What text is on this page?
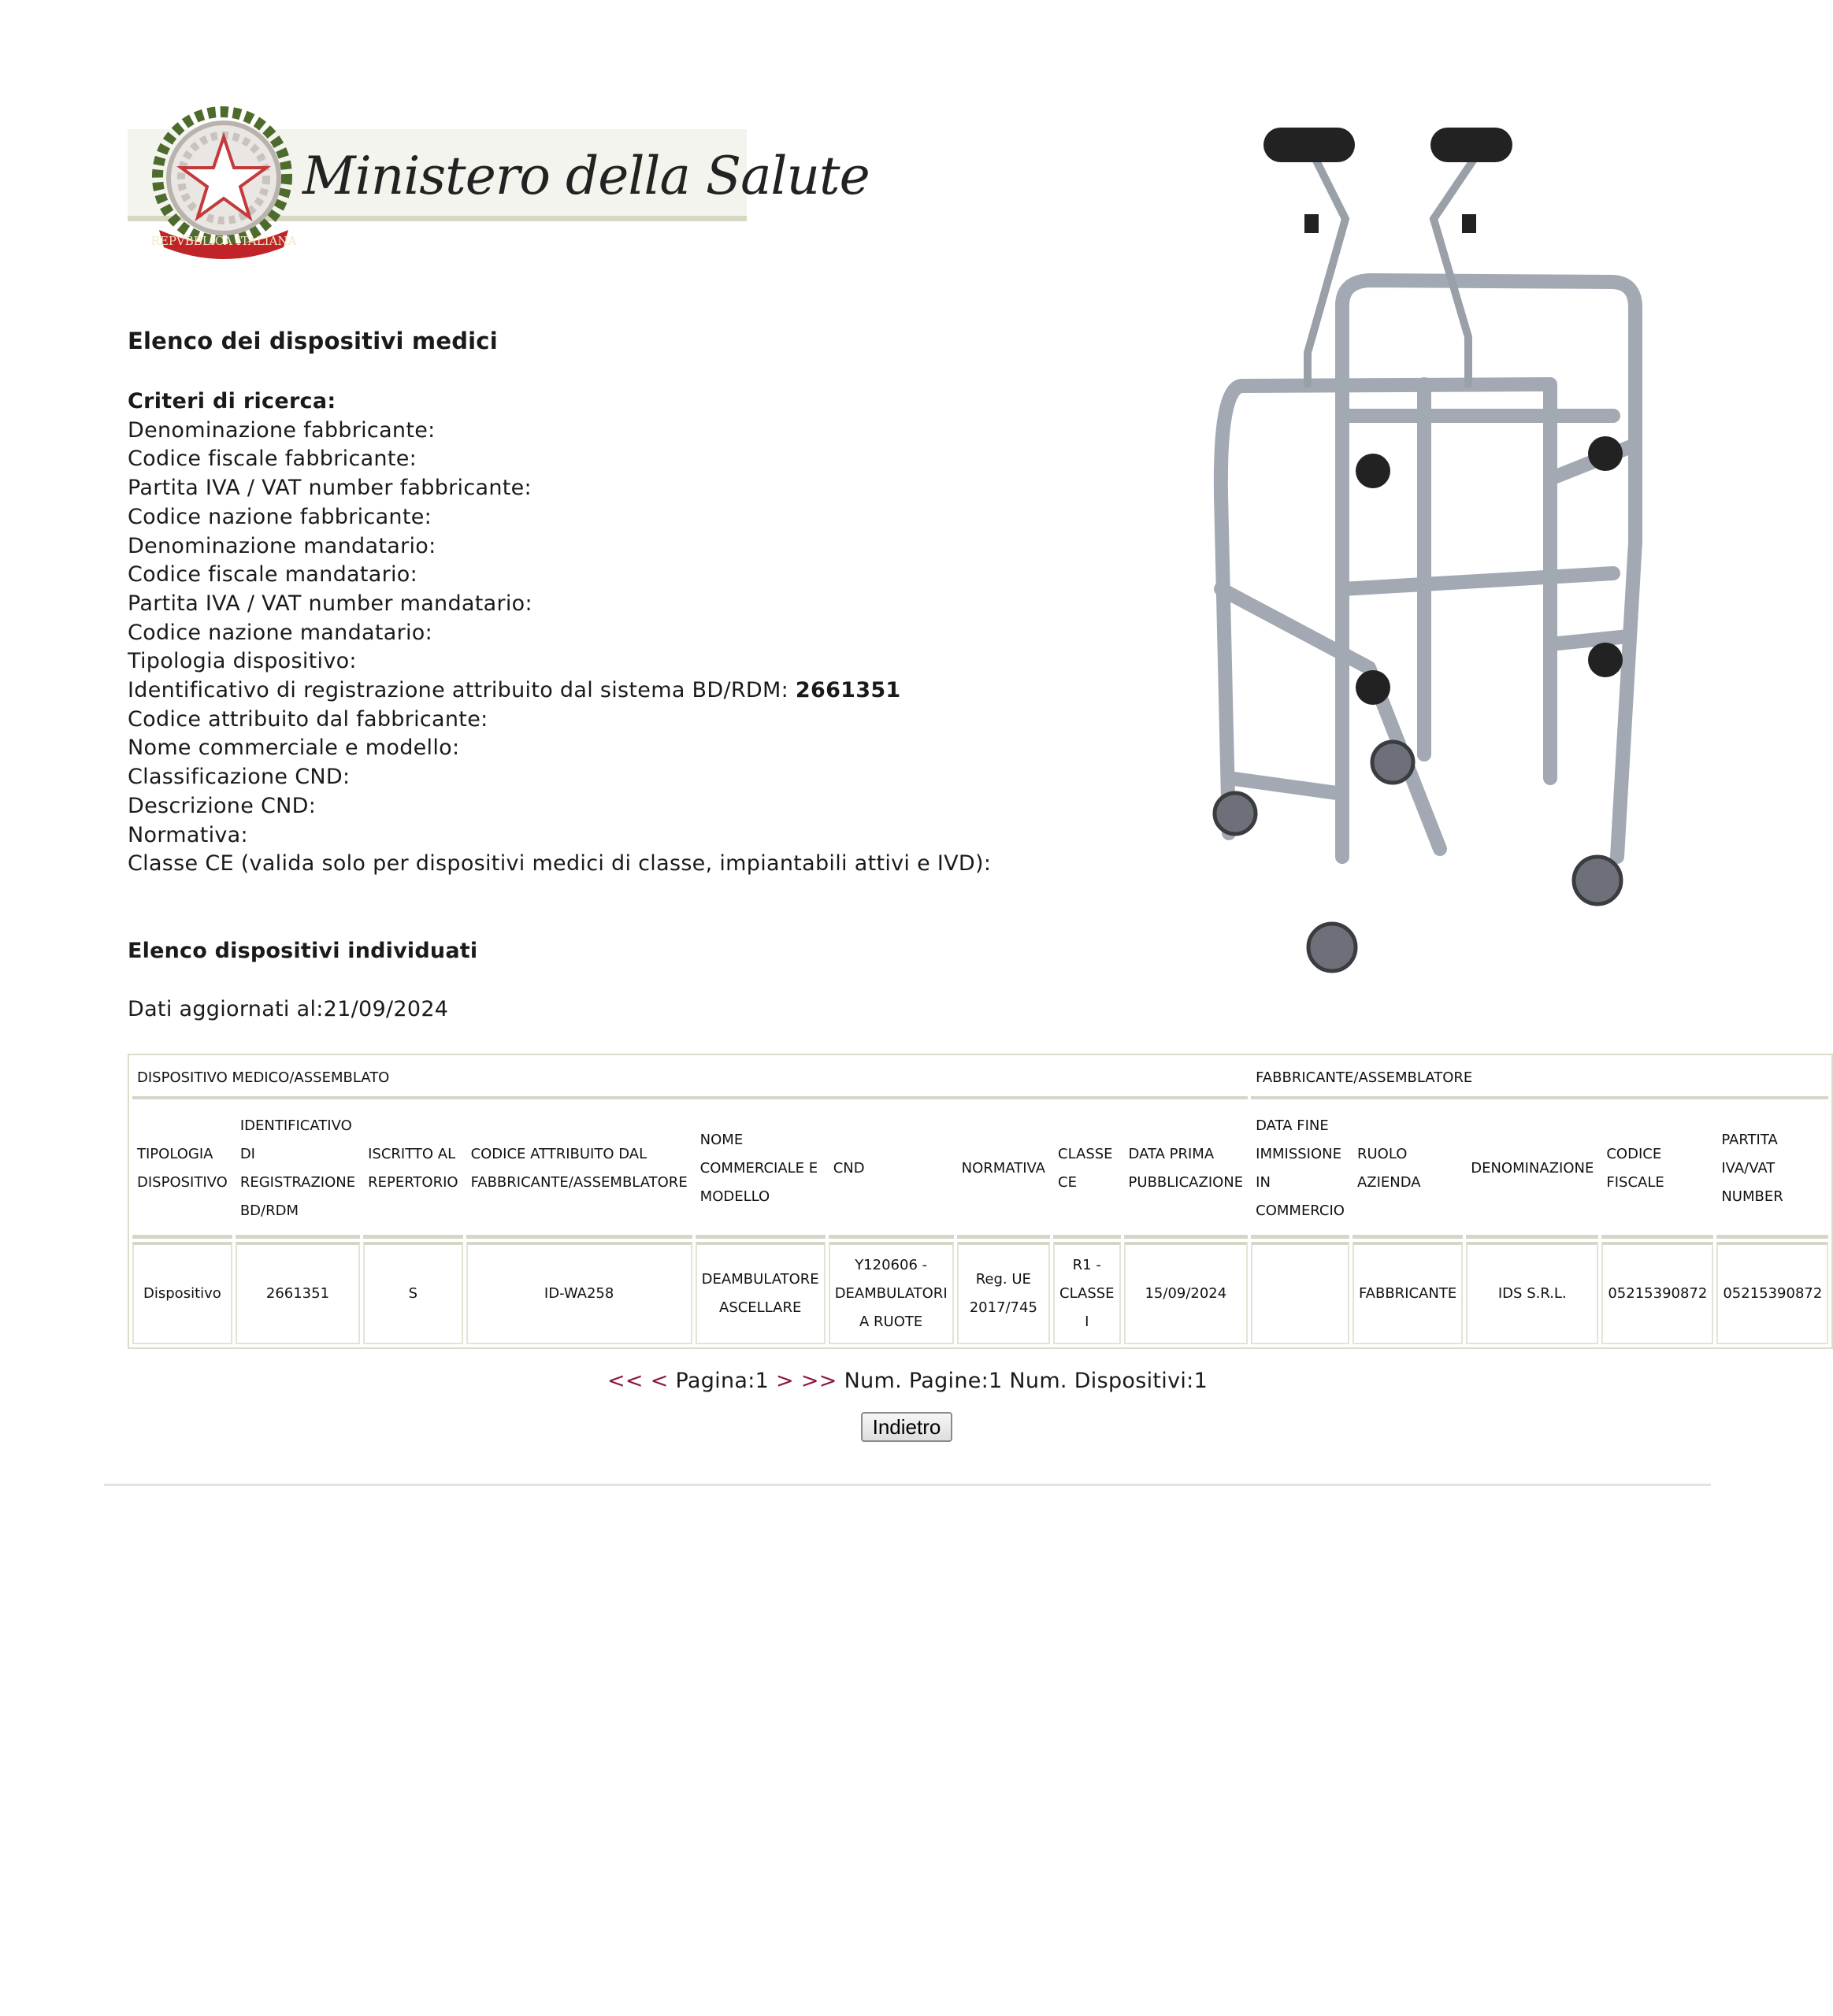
REPVBBLICA ITALIANA
Ministero della Salute
Elenco dei dispositivi medici
Criteri di ricerca:
Denominazione fabbricante:
Codice fiscale fabbricante:
Partita IVA / VAT number fabbricante:
Codice nazione fabbricante:
Denominazione mandatario:
Codice fiscale mandatario:
Partita IVA / VAT number mandatario:
Codice nazione mandatario:
Tipologia dispositivo:
Identificativo di registrazione attribuito dal sistema BD/RDM: 2661351
Codice attribuito dal fabbricante:
Nome commerciale e modello:
Classificazione CND:
Descrizione CND:
Normativa:
Classe CE (valida solo per dispositivi medici di classe, impiantabili attivi e IVD):
Elenco dispositivi individuati
Dati aggiornati al:21/09/2024
DISPOSITIVO MEDICO/ASSEMBLATO									FABBRICANTE/ASSEMBLATORE				
TIPOLOGIA DISPOSITIVO	IDENTIFICATIVO DI REGISTRAZIONE BD/RDM	ISCRITTO AL REPERTORIO	CODICE ATTRIBUITO DAL FABBRICANTE/ASSEMBLATORE	NOME COMMERCIALE E MODELLO	CND	NORMATIVA	CLASSE CE	DATA PRIMA PUBBLICAZIONE	DATA FINE IMMISSIONE IN COMMERCIO	RUOLO AZIENDA	DENOMINAZIONE	CODICE FISCALE	PARTITA IVA/VAT NUMBER
Dispositivo	2661351	S	ID-WA258	DEAMBULATORE ASCELLARE	Y120606 - DEAMBULATORI A RUOTE	Reg. UE 2017/745	R1 - CLASSE I	15/09/2024		FABBRICANTE	IDS S.R.L.	05215390872	05215390872
<< < Pagina:1 > >> Num. Pagine:1 Num. Dispositivi:1
Indietro
